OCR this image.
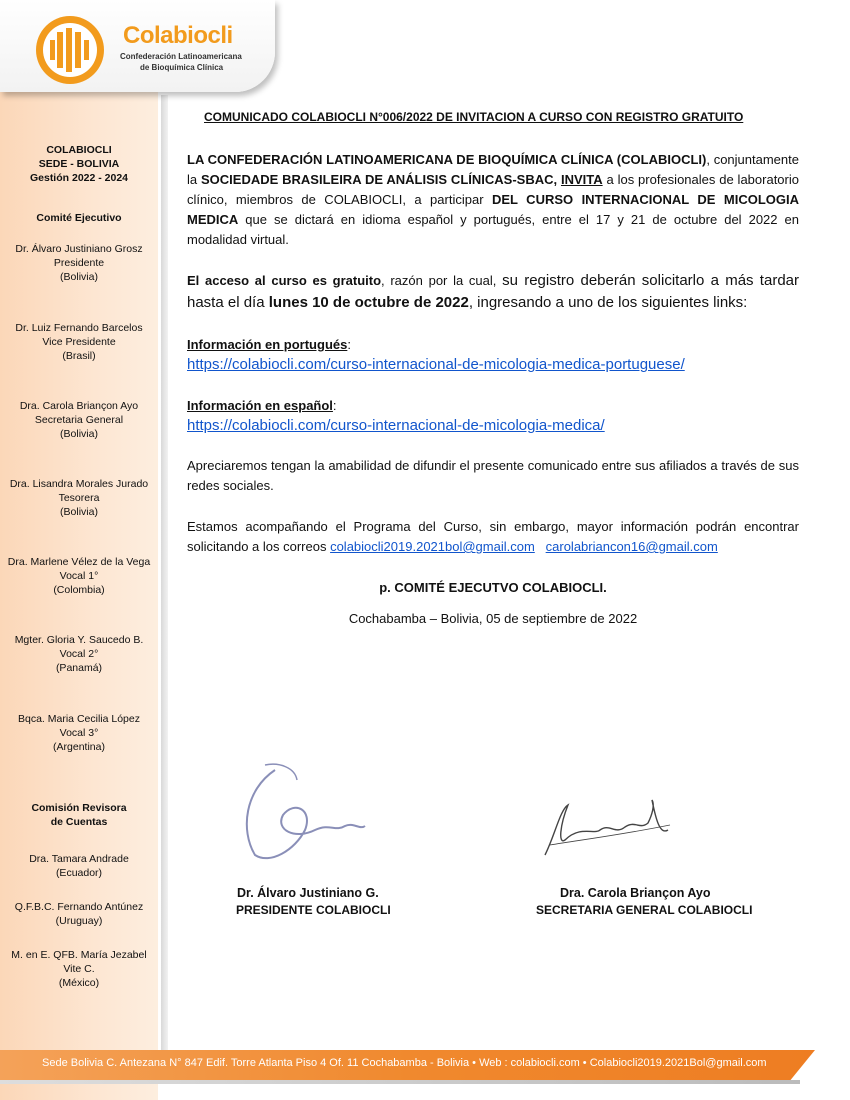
Colabiocli
Confederación Latinoamericana
de Bioquímica Clínica
COLABIOCLI
SEDE - BOLIVIA
Gestión 2022 - 2024
Comité Ejecutivo
Dr. Álvaro Justiniano Grosz
Presidente
(Bolivia)
Dr. Luiz Fernando Barcelos
Vice Presidente
(Brasil)
Dra. Carola Briançon Ayo
Secretaria General
(Bolivia)
Dra. Lisandra Morales Jurado
Tesorera
(Bolivia)
Dra. Marlene Vélez de la Vega
Vocal 1°
(Colombia)
Mgter. Gloria Y. Saucedo B.
Vocal 2°
(Panamá)
Bqca. Maria Cecilia López
Vocal 3°
(Argentina)
Comisión Revisora
de Cuentas
Dra. Tamara Andrade
(Ecuador)
Q.F.B.C. Fernando Antúnez
(Uruguay)
M. en E. QFB. María Jezabel
Vite C.
(México)
COMUNICADO COLABIOCLI N°006/2022 DE INVITACION A CURSO CON REGISTRO GRATUITO
LA CONFEDERACIÓN LATINOAMERICANA DE BIOQUÍMICA CLÍNICA (COLABIOCLI), conjuntamente la SOCIEDADE BRASILEIRA DE ANÁLISIS CLÍNICAS-SBAC, INVITA a los profesionales de laboratorio clínico, miembros de COLABIOCLI, a participar DEL CURSO INTERNACIONAL DE MICOLOGIA MEDICA que se dictará en idioma español y portugués, entre el 17 y 21 de octubre del 2022 en modalidad virtual.
El acceso al curso es gratuito, razón por la cual, su registro deberán solicitarlo a más tardar hasta el día lunes 10 de octubre de 2022, ingresando a uno de los siguientes links:
Información en portugués:
https://colabiocli.com/curso-internacional-de-micologia-medica-portuguese/
Información en español:
https://colabiocli.com/curso-internacional-de-micologia-medica/
Apreciaremos tengan la amabilidad de difundir el presente comunicado entre sus afiliados a través de sus redes sociales.
Estamos acompañando el Programa del Curso, sin embargo, mayor información podrán encontrar solicitando a los correos colabiocli2019.2021bol@gmail.com carolabriancon16@gmail.com
p. COMITÉ EJECUTVO COLABIOCLI.
Cochabamba – Bolivia, 05 de septiembre de 2022
Dr. Álvaro Justiniano G.
PRESIDENTE COLABIOCLI
Dra. Carola Briançon Ayo
SECRETARIA GENERAL COLABIOCLI
Sede Bolivia C. Antezana N° 847 Edif. Torre Atlanta Piso 4 Of. 11 Cochabamba - Bolivia • Web : colabiocli.com • Colabiocli2019.2021Bol@gmail.com
